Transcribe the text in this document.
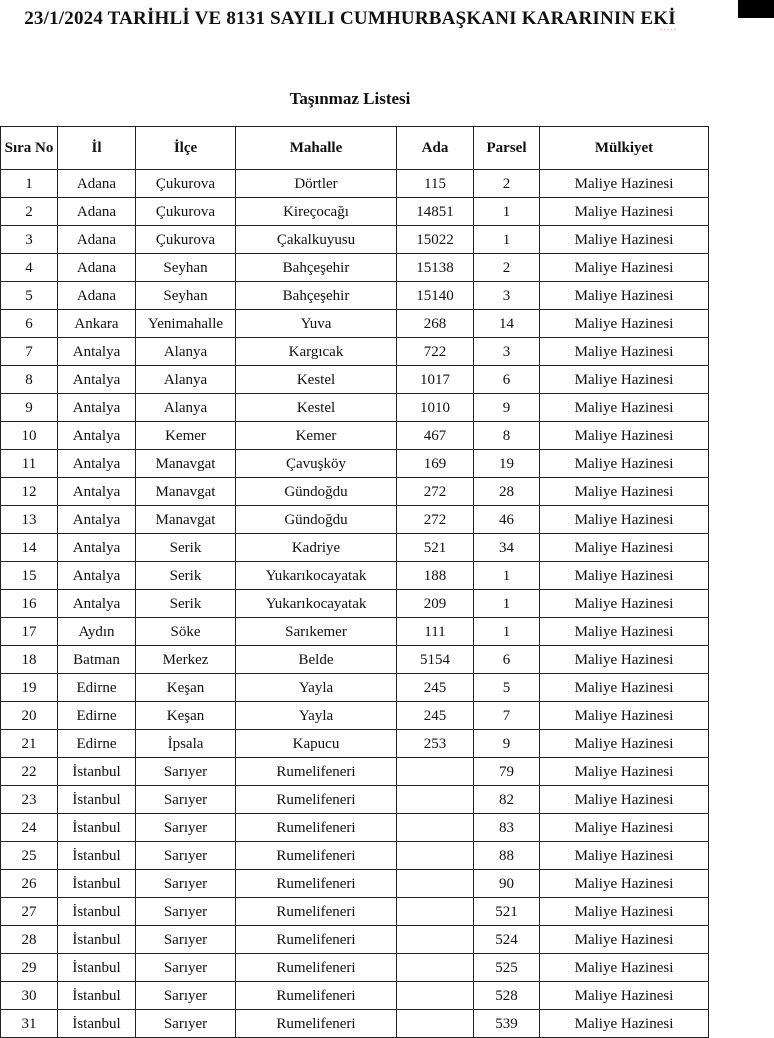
23/1/2024 TARİHLİ VE 8131 SAYILI CUMHURBAŞKANI KARARININ EKİ
•••••
Taşınmaz Listesi
Sıra No	İl	İlçe	Mahalle	Ada	Parsel	Mülkiyet
1	Adana	Çukurova	Dörtler	115	2	Maliye Hazinesi
2	Adana	Çukurova	Kireçocağı	14851	1	Maliye Hazinesi
3	Adana	Çukurova	Çakalkuyusu	15022	1	Maliye Hazinesi
4	Adana	Seyhan	Bahçeşehir	15138	2	Maliye Hazinesi
5	Adana	Seyhan	Bahçeşehir	15140	3	Maliye Hazinesi
6	Ankara	Yenimahalle	Yuva	268	14	Maliye Hazinesi
7	Antalya	Alanya	Kargıcak	722	3	Maliye Hazinesi
8	Antalya	Alanya	Kestel	1017	6	Maliye Hazinesi
9	Antalya	Alanya	Kestel	1010	9	Maliye Hazinesi
10	Antalya	Kemer	Kemer	467	8	Maliye Hazinesi
11	Antalya	Manavgat	Çavuşköy	169	19	Maliye Hazinesi
12	Antalya	Manavgat	Gündoğdu	272	28	Maliye Hazinesi
13	Antalya	Manavgat	Gündoğdu	272	46	Maliye Hazinesi
14	Antalya	Serik	Kadriye	521	34	Maliye Hazinesi
15	Antalya	Serik	Yukarıkocayatak	188	1	Maliye Hazinesi
16	Antalya	Serik	Yukarıkocayatak	209	1	Maliye Hazinesi
17	Aydın	Söke	Sarıkemer	111	1	Maliye Hazinesi
18	Batman	Merkez	Belde	5154	6	Maliye Hazinesi
19	Edirne	Keşan	Yayla	245	5	Maliye Hazinesi
20	Edirne	Keşan	Yayla	245	7	Maliye Hazinesi
21	Edirne	İpsala	Kapucu	253	9	Maliye Hazinesi
22	İstanbul	Sarıyer	Rumelifeneri		79	Maliye Hazinesi
23	İstanbul	Sarıyer	Rumelifeneri		82	Maliye Hazinesi
24	İstanbul	Sarıyer	Rumelifeneri		83	Maliye Hazinesi
25	İstanbul	Sarıyer	Rumelifeneri		88	Maliye Hazinesi
26	İstanbul	Sarıyer	Rumelifeneri		90	Maliye Hazinesi
27	İstanbul	Sarıyer	Rumelifeneri		521	Maliye Hazinesi
28	İstanbul	Sarıyer	Rumelifeneri		524	Maliye Hazinesi
29	İstanbul	Sarıyer	Rumelifeneri		525	Maliye Hazinesi
30	İstanbul	Sarıyer	Rumelifeneri		528	Maliye Hazinesi
31	İstanbul	Sarıyer	Rumelifeneri		539	Maliye Hazinesi
